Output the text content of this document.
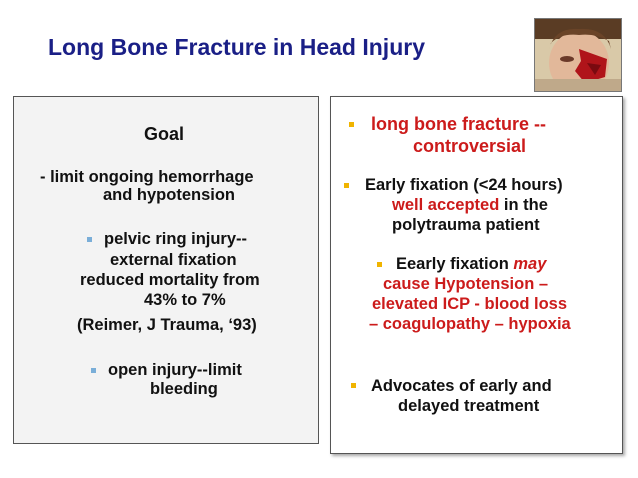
Long Bone Fracture in Head Injury
Goal
- limit ongoing hemorrhage
and hypotension
pelvic ring injury--
external fixation
reduced mortality from
43% to 7%
(Reimer, J Trauma, ‘93)
open injury--limit
bleeding
long bone fracture --
controversial
Early fixation (<24 hours)
well accepted in the
polytrauma patient
Eearly fixation may
cause Hypotension –
elevated ICP - blood loss
– coagulopathy – hypoxia
Advocates of early and
delayed treatment
